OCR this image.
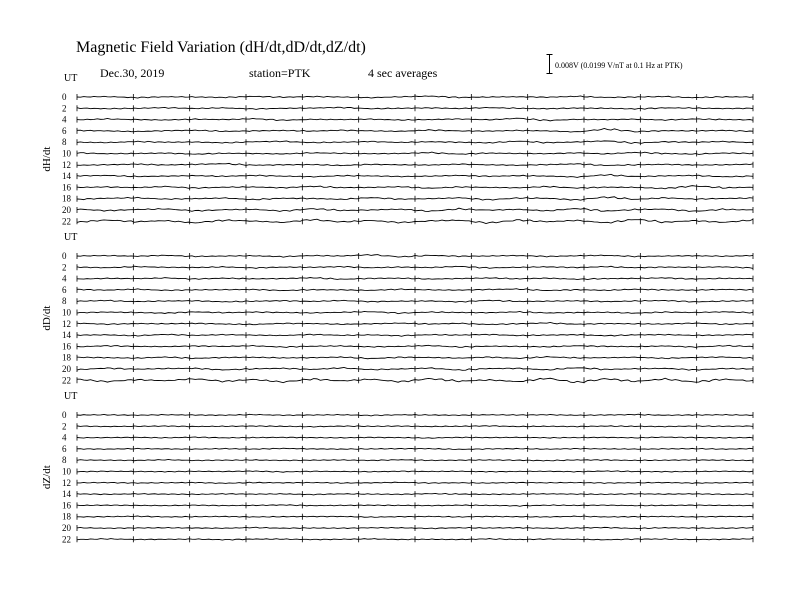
Magnetic Field Variation (dH/dt,dD/dt,dZ/dt)
Dec.30, 2019	station=PTK	4 sec averages
0.008V (0.0199 V/nT at 0.1 Hz at PTK)
UT
dH/dt
0
2
4
6
8
10
12
14
16
18
20
22
UT
dD/dt
0
2
4
6
8
10
12
14
16
18
20
22
UT
dZ/dt
0
2
4
6
8
10
12
14
16
18
20
22
